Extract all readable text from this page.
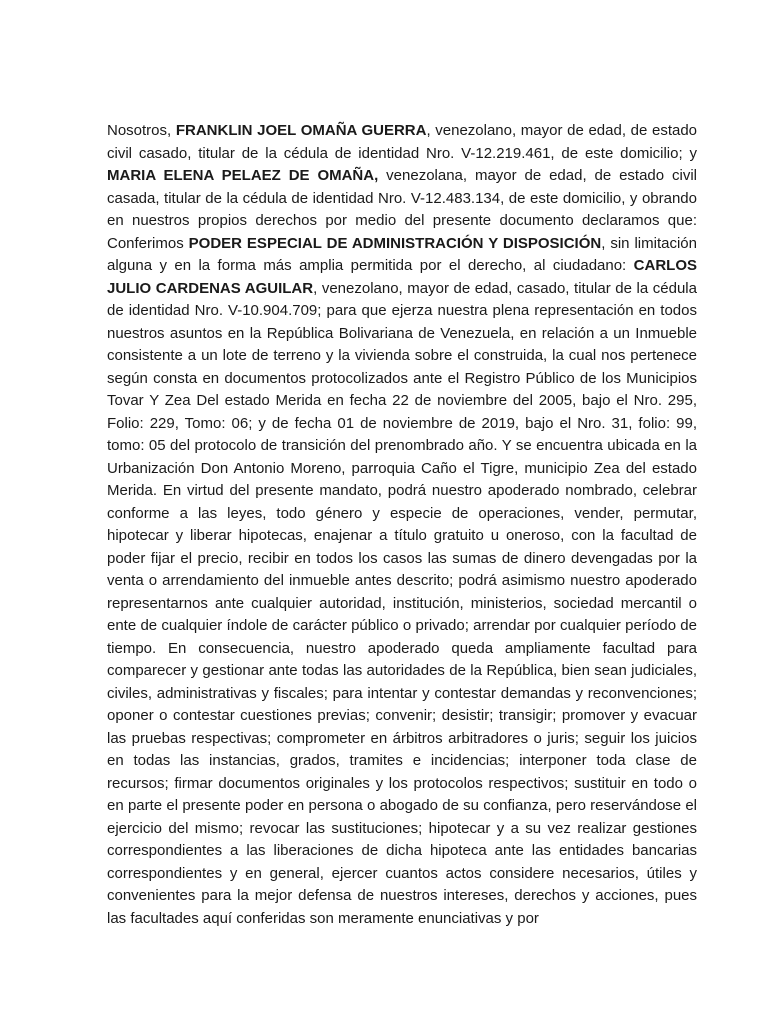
Nosotros, FRANKLIN JOEL OMAÑA GUERRA, venezolano, mayor de edad, de estado civil casado, titular de la cédula de identidad Nro. V-12.219.461, de este domicilio; y MARIA ELENA PELAEZ DE OMAÑA, venezolana, mayor de edad, de estado civil casada, titular de la cédula de identidad Nro. V-12.483.134, de este domicilio, y obrando en nuestros propios derechos por medio del presente documento declaramos que: Conferimos PODER ESPECIAL DE ADMINISTRACIÓN Y DISPOSICIÓN, sin limitación alguna y en la forma más amplia permitida por el derecho, al ciudadano: CARLOS JULIO CARDENAS AGUILAR, venezolano, mayor de edad, casado, titular de la cédula de identidad Nro. V-10.904.709; para que ejerza nuestra plena representación en todos nuestros asuntos en la República Bolivariana de Venezuela, en relación a un Inmueble consistente a un lote de terreno y la vivienda sobre el construida, la cual nos pertenece según consta en documentos protocolizados ante el Registro Público de los Municipios Tovar Y Zea Del estado Merida en fecha 22 de noviembre del 2005, bajo el Nro. 295, Folio: 229, Tomo: 06; y de fecha 01 de noviembre de 2019, bajo el Nro. 31, folio: 99, tomo: 05 del protocolo de transición del prenombrado año. Y se encuentra ubicada en la Urbanización Don Antonio Moreno, parroquia Caño el Tigre, municipio Zea del estado Merida. En virtud del presente mandato, podrá nuestro apoderado nombrado, celebrar conforme a las leyes, todo género y especie de operaciones, vender, permutar, hipotecar y liberar hipotecas, enajenar a título gratuito u oneroso, con la facultad de poder fijar el precio, recibir en todos los casos las sumas de dinero devengadas por la venta o arrendamiento del inmueble antes descrito; podrá asimismo nuestro apoderado representarnos ante cualquier autoridad, institución, ministerios, sociedad mercantil o ente de cualquier índole de carácter público o privado; arrendar por cualquier período de tiempo. En consecuencia, nuestro apoderado queda ampliamente facultad para comparecer y gestionar ante todas las autoridades de la República, bien sean judiciales, civiles, administrativas y fiscales; para intentar y contestar demandas y reconvenciones; oponer o contestar cuestiones previas; convenir; desistir; transigir; promover y evacuar las pruebas respectivas; comprometer en árbitros arbitradores o juris; seguir los juicios en todas las instancias, grados, tramites e incidencias; interponer toda clase de recursos; firmar documentos originales y los protocolos respectivos; sustituir en todo o en parte el presente poder en persona o abogado de su confianza, pero reservándose el ejercicio del mismo; revocar las sustituciones; hipotecar y a su vez realizar gestiones correspondientes a las liberaciones de dicha hipoteca ante las entidades bancarias correspondientes y en general, ejercer cuantos actos considere necesarios, útiles y convenientes para la mejor defensa de nuestros intereses, derechos y acciones, pues las facultades aquí conferidas son meramente enunciativas y por
